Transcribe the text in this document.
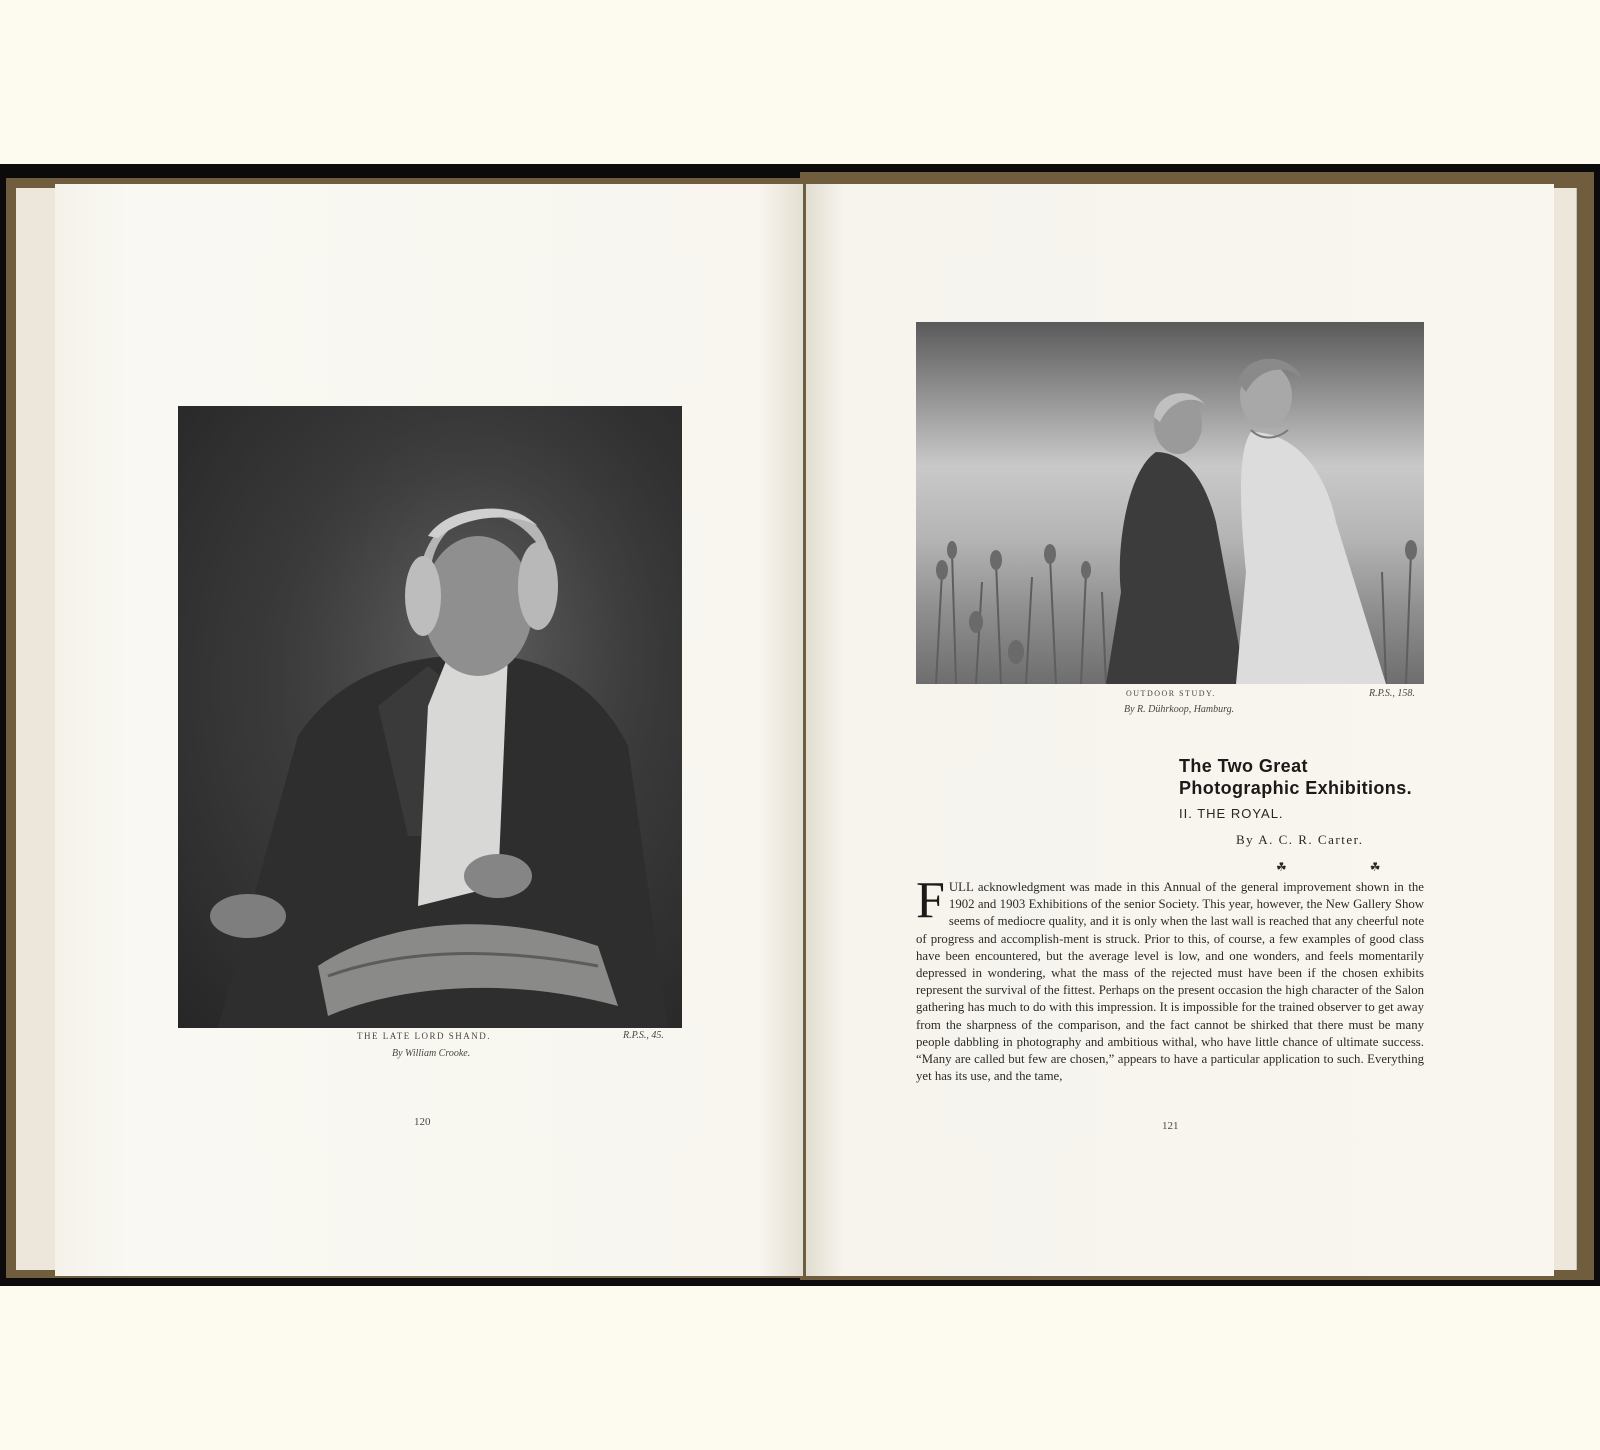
THE LATE LORD SHAND.	R.P.S., 45.
By William Crooke.
120
OUTDOOR STUDY.	R.P.S., 158.
By R. Dührkoop, Hamburg.
The Two Great
Photographic Exhibitions.
II. THE ROYAL.
By A. C. R. Carter.
☘ ☘
F ULL acknowledgment was made in this Annual of the general improvement shown in the 1902 and 1903 Exhibitions of the senior Society. This year, however, the New Gallery Show seems of mediocre quality, and it is only when the last wall is reached that any cheerful note of progress and accomplish-ment is struck. Prior to this, of course, a few examples of good class have been encountered, but the average level is low, and one wonders, and feels momentarily depressed in wondering, what the mass of the rejected must have been if the chosen exhibits represent the survival of the fittest. Perhaps on the present occasion the high character of the Salon gathering has much to do with this impression. It is impossible for the trained observer to get away from the sharpness of the comparison, and the fact cannot be shirked that there must be many people dabbling in photography and ambitious withal, who have little chance of ultimate success. “Many are called but few are chosen,” appears to have a particular application to such. Everything yet has its use, and the tame,
121
